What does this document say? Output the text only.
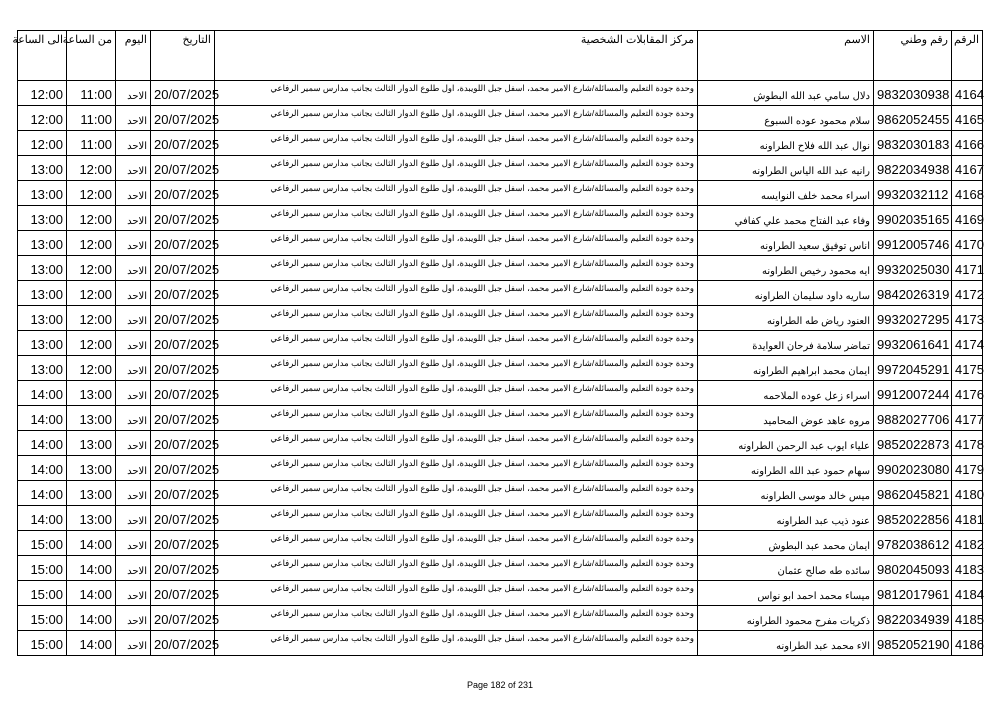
الرقم	رقم وطني	الاسم	مركز المقابلات الشخصية	التاريخ	اليوم	من الساعة	الى الساعة
4164	9832030938	دلال سامي عبد الله البطوش	وحدة جودة التعليم والمسائلة/شارع الامير محمد، اسفل جبل اللويبدة، اول طلوع الدوار الثالث بجانب مدارس سمير الرفاعي	20/07/2025	الاحد	11:00	12:00
4165	9862052455	سلام محمود عوده السبوع	وحدة جودة التعليم والمسائلة/شارع الامير محمد، اسفل جبل اللويبدة، اول طلوع الدوار الثالث بجانب مدارس سمير الرفاعي	20/07/2025	الاحد	11:00	12:00
4166	9832030183	نوال عبد الله فلاح الطراونه	وحدة جودة التعليم والمسائلة/شارع الامير محمد، اسفل جبل اللويبدة، اول طلوع الدوار الثالث بجانب مدارس سمير الرفاعي	20/07/2025	الاحد	11:00	12:00
4167	9822034938	رانيه عبد الله الياس الطراونه	وحدة جودة التعليم والمسائلة/شارع الامير محمد، اسفل جبل اللويبدة، اول طلوع الدوار الثالث بجانب مدارس سمير الرفاعي	20/07/2025	الاحد	12:00	13:00
4168	9932032112	اسراء محمد خلف النوايسه	وحدة جودة التعليم والمسائلة/شارع الامير محمد، اسفل جبل اللويبدة، اول طلوع الدوار الثالث بجانب مدارس سمير الرفاعي	20/07/2025	الاحد	12:00	13:00
4169	9902035165	وفاء عبد الفتاح محمد علي كفافي	وحدة جودة التعليم والمسائلة/شارع الامير محمد، اسفل جبل اللويبدة، اول طلوع الدوار الثالث بجانب مدارس سمير الرفاعي	20/07/2025	الاحد	12:00	13:00
4170	9912005746	اناس توفيق سعيد الطراونه	وحدة جودة التعليم والمسائلة/شارع الامير محمد، اسفل جبل اللويبدة، اول طلوع الدوار الثالث بجانب مدارس سمير الرفاعي	20/07/2025	الاحد	12:00	13:00
4171	9932025030	ايه محمود رخيص الطراونه	وحدة جودة التعليم والمسائلة/شارع الامير محمد، اسفل جبل اللويبدة، اول طلوع الدوار الثالث بجانب مدارس سمير الرفاعي	20/07/2025	الاحد	12:00	13:00
4172	9842026319	ساريه داود سليمان الطراونه	وحدة جودة التعليم والمسائلة/شارع الامير محمد، اسفل جبل اللويبدة، اول طلوع الدوار الثالث بجانب مدارس سمير الرفاعي	20/07/2025	الاحد	12:00	13:00
4173	9932027295	العنود رياض طه الطراونه	وحدة جودة التعليم والمسائلة/شارع الامير محمد، اسفل جبل اللويبدة، اول طلوع الدوار الثالث بجانب مدارس سمير الرفاعي	20/07/2025	الاحد	12:00	13:00
4174	9932061641	تماضر سلامة فرحان العوايدة	وحدة جودة التعليم والمسائلة/شارع الامير محمد، اسفل جبل اللويبدة، اول طلوع الدوار الثالث بجانب مدارس سمير الرفاعي	20/07/2025	الاحد	12:00	13:00
4175	9972045291	ايمان محمد ابراهيم الطراونه	وحدة جودة التعليم والمسائلة/شارع الامير محمد، اسفل جبل اللويبدة، اول طلوع الدوار الثالث بجانب مدارس سمير الرفاعي	20/07/2025	الاحد	12:00	13:00
4176	9912007244	اسراء زعل عوده الملاحمه	وحدة جودة التعليم والمسائلة/شارع الامير محمد، اسفل جبل اللويبدة، اول طلوع الدوار الثالث بجانب مدارس سمير الرفاعي	20/07/2025	الاحد	13:00	14:00
4177	9882027706	مروه عاهد عوض المحاميد	وحدة جودة التعليم والمسائلة/شارع الامير محمد، اسفل جبل اللويبدة، اول طلوع الدوار الثالث بجانب مدارس سمير الرفاعي	20/07/2025	الاحد	13:00	14:00
4178	9852022873	علياء ايوب عبد الرحمن الطراونه	وحدة جودة التعليم والمسائلة/شارع الامير محمد، اسفل جبل اللويبدة، اول طلوع الدوار الثالث بجانب مدارس سمير الرفاعي	20/07/2025	الاحد	13:00	14:00
4179	9902023080	سهام حمود عبد الله الطراونه	وحدة جودة التعليم والمسائلة/شارع الامير محمد، اسفل جبل اللويبدة، اول طلوع الدوار الثالث بجانب مدارس سمير الرفاعي	20/07/2025	الاحد	13:00	14:00
4180	9862045821	ميس خالد موسى الطراونه	وحدة جودة التعليم والمسائلة/شارع الامير محمد، اسفل جبل اللويبدة، اول طلوع الدوار الثالث بجانب مدارس سمير الرفاعي	20/07/2025	الاحد	13:00	14:00
4181	9852022856	عنود ذيب عبد الطراونه	وحدة جودة التعليم والمسائلة/شارع الامير محمد، اسفل جبل اللويبدة، اول طلوع الدوار الثالث بجانب مدارس سمير الرفاعي	20/07/2025	الاحد	13:00	14:00
4182	9782038612	ايمان محمد عبد البطوش	وحدة جودة التعليم والمسائلة/شارع الامير محمد، اسفل جبل اللويبدة، اول طلوع الدوار الثالث بجانب مدارس سمير الرفاعي	20/07/2025	الاحد	14:00	15:00
4183	9802045093	سائده طه صالح عثمان	وحدة جودة التعليم والمسائلة/شارع الامير محمد، اسفل جبل اللويبدة، اول طلوع الدوار الثالث بجانب مدارس سمير الرفاعي	20/07/2025	الاحد	14:00	15:00
4184	9812017961	ميساء محمد احمد ابو نواس	وحدة جودة التعليم والمسائلة/شارع الامير محمد، اسفل جبل اللويبدة، اول طلوع الدوار الثالث بجانب مدارس سمير الرفاعي	20/07/2025	الاحد	14:00	15:00
4185	9822034939	ذكريات مفرح محمود الطراونه	وحدة جودة التعليم والمسائلة/شارع الامير محمد، اسفل جبل اللويبدة، اول طلوع الدوار الثالث بجانب مدارس سمير الرفاعي	20/07/2025	الاحد	14:00	15:00
4186	9852052190	الاء محمد عبد الطراونه	وحدة جودة التعليم والمسائلة/شارع الامير محمد، اسفل جبل اللويبدة، اول طلوع الدوار الثالث بجانب مدارس سمير الرفاعي	20/07/2025	الاحد	14:00	15:00
Page 182 of 231
